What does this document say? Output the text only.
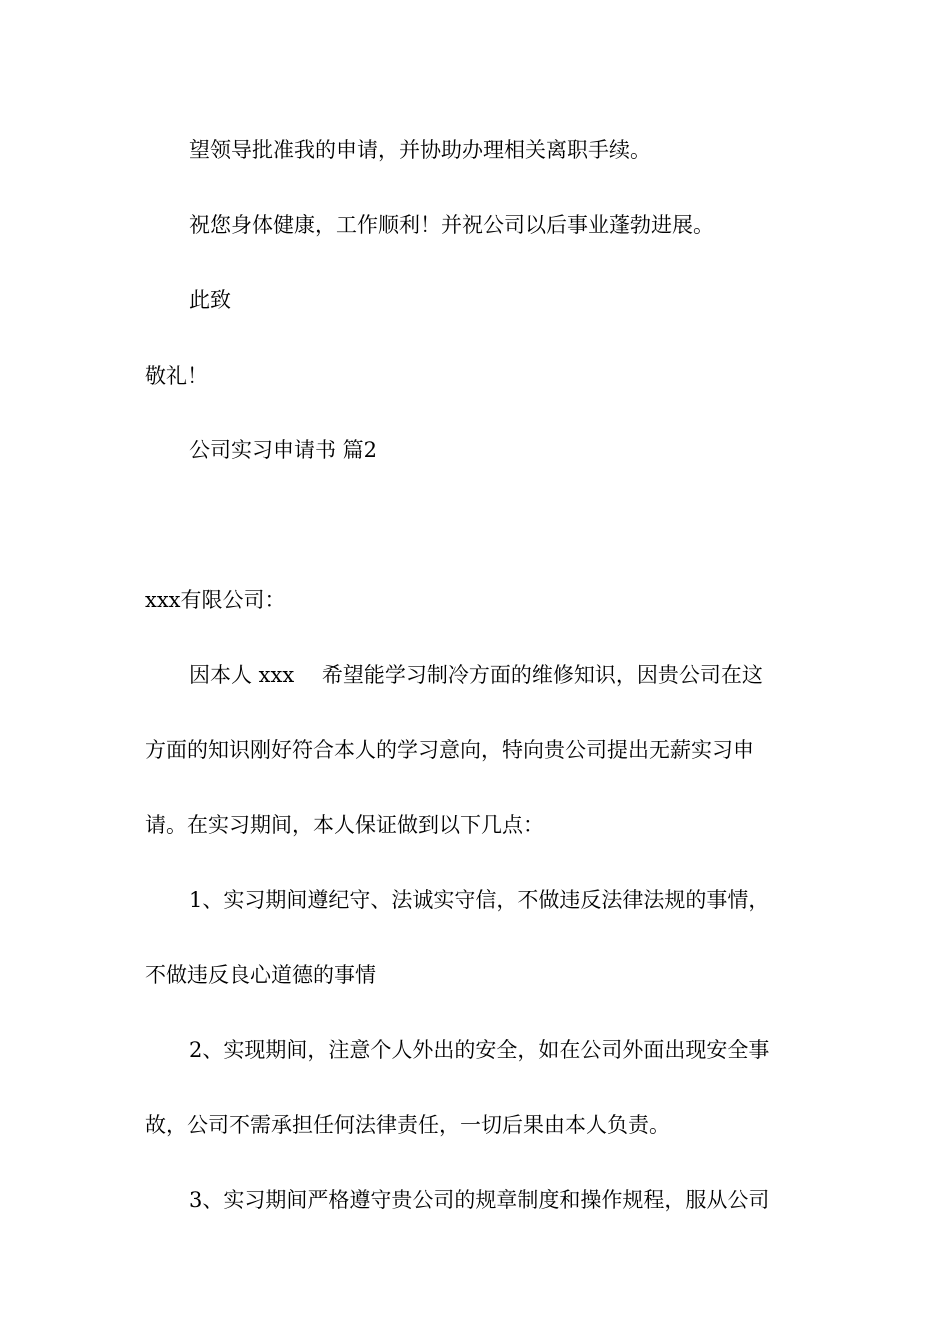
望领导批准我的申请，并协助办理相关离职手续。
祝您身体健康，工作顺利！并祝公司以后事业蓬勃进展。
此致
敬礼！
公司实习申请书 篇2
xxx有限公司：
因本人 xxx　 希望能学习制冷方面的维修知识，因贵公司在这
方面的知识刚好符合本人的学习意向，特向贵公司提出无薪实习申
请。在实习期间，本人保证做到以下几点：
1、实习期间遵纪守、法诚实守信，不做违反法律法规的事情，
不做违反良心道德的事情
2、实现期间，注意个人外出的安全，如在公司外面出现安全事
故，公司不需承担任何法律责任，一切后果由本人负责。
3、实习期间严格遵守贵公司的规章制度和操作规程，服从公司
